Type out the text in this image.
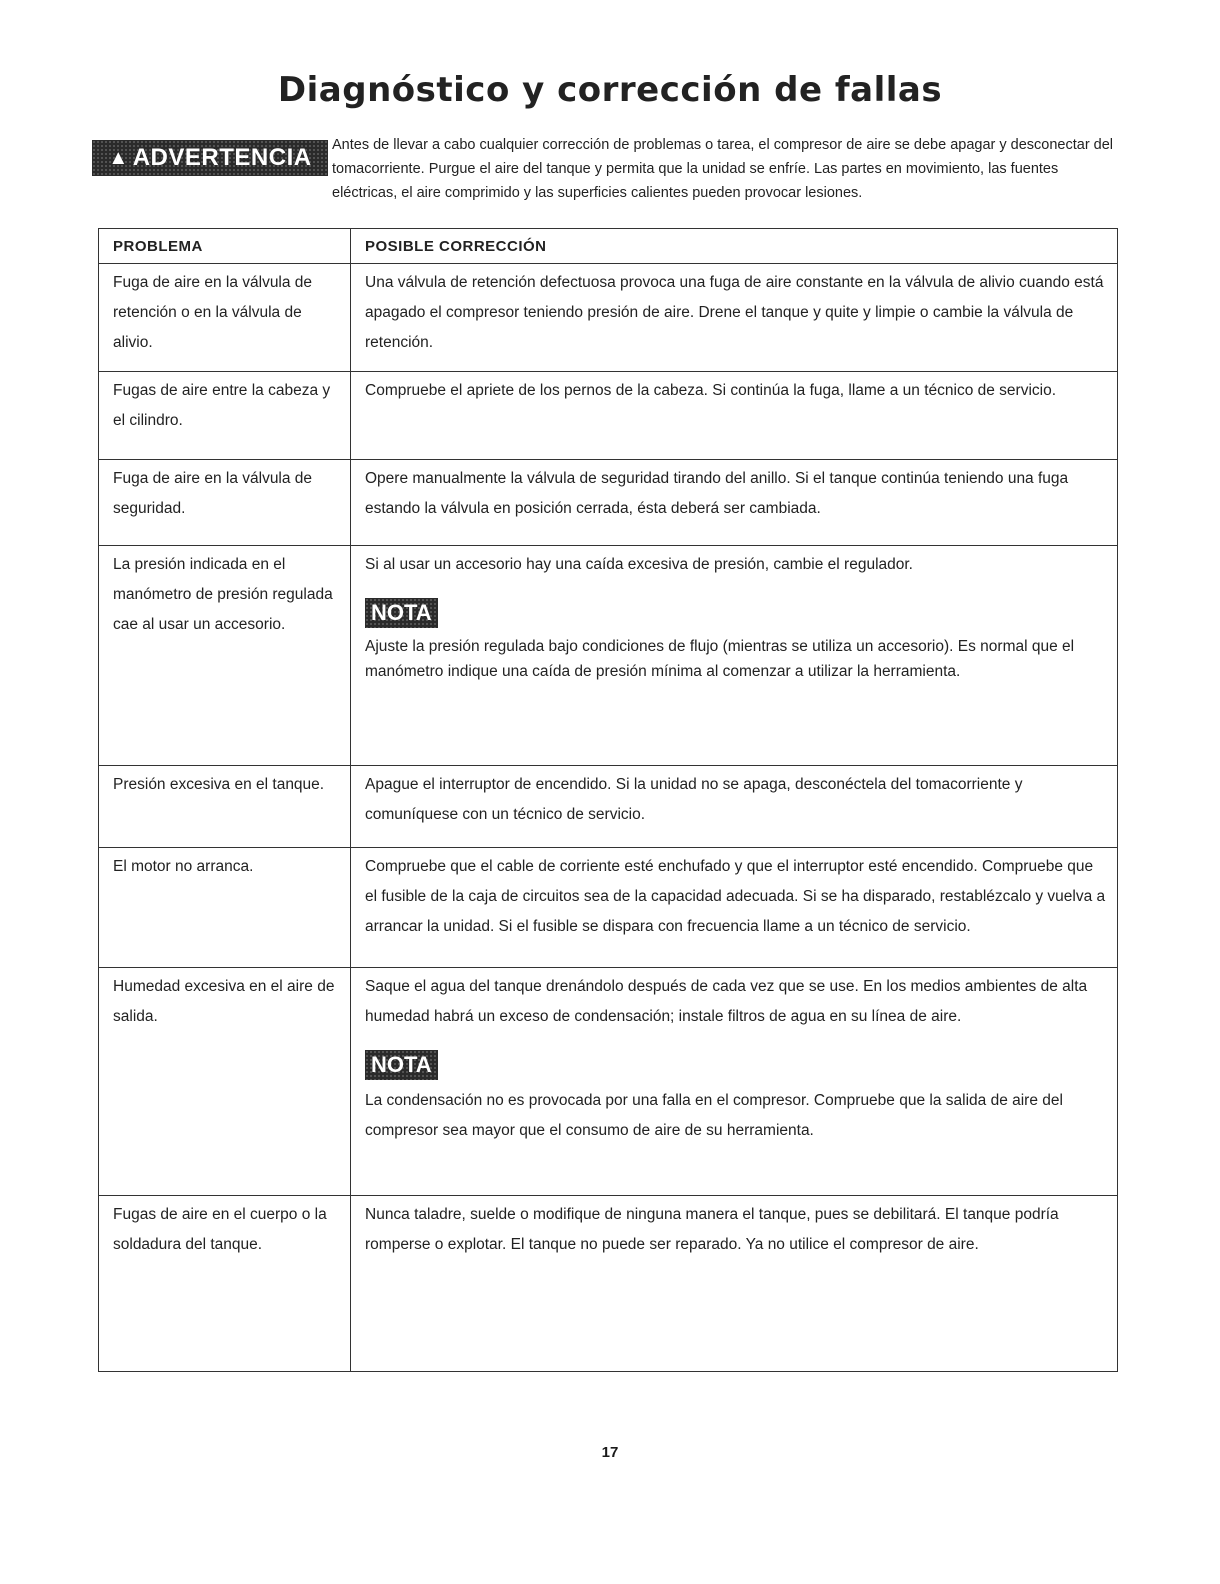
Diagnóstico y corrección de fallas
▲ ADVERTENCIA Antes de llevar a cabo cualquier corrección de problemas o tarea, el compresor de aire se debe apagar y desconectar del tomacorriente. Purgue el aire del tanque y permita que la unidad se enfríe. Las partes en movimiento, las fuentes eléctricas, el aire comprimido y las superficies calientes pueden provocar lesiones.
PROBLEMA	POSIBLE CORRECCIÓN
Fuga de aire en la válvula de retención o en la válvula de alivio.	Una válvula de retención defectuosa provoca una fuga de aire constante en la válvula de alivio cuando está apagado el compresor teniendo presión de aire. Drene el tanque y quite y limpie o cambie la válvula de retención.
Fugas de aire entre la cabeza y el cilindro.	Compruebe el apriete de los pernos de la cabeza. Si continúa la fuga, llame a un técnico de servicio.
Fuga de aire en la válvula de seguridad.	Opere manualmente la válvula de seguridad tirando del anillo. Si el tanque continúa teniendo una fuga estando la válvula en posición cerrada, ésta deberá ser cambiada.
La presión indicada en el manómetro de presión regulada cae al usar un accesorio.	Si al usar un accesorio hay una caída excesiva de presión, cambie el regulador.
NOTA
Ajuste la presión regulada bajo condiciones de flujo (mientras se utiliza un accesorio). Es normal que el manómetro indique una caída de presión mínima al comenzar a utilizar la herramienta.

Presión excesiva en el tanque.	Apague el interruptor de encendido. Si la unidad no se apaga, desconéctela del tomacorriente y comuníquese con un técnico de servicio.
El motor no arranca.	Compruebe que el cable de corriente esté enchufado y que el interruptor esté encendido. Compruebe que el fusible de la caja de circuitos sea de la capacidad adecuada. Si se ha disparado, restablézcalo y vuelva a arrancar la unidad. Si el fusible se dispara con frecuencia llame a un técnico de servicio.
Humedad excesiva en el aire de salida.	Saque el agua del tanque drenándolo después de cada vez que se use. En los medios ambientes de alta humedad habrá un exceso de condensación; instale filtros de agua en su línea de aire.
NOTA
La condensación no es provocada por una falla en el compresor. Compruebe que la salida de aire del compresor sea mayor que el consumo de aire de su herramienta.

Fugas de aire en el cuerpo o la soldadura del tanque.	Nunca taladre, suelde o modifique de ninguna manera el tanque, pues se debilitará. El tanque podría romperse o explotar. El tanque no puede ser reparado. Ya no utilice el compresor de aire.
17
